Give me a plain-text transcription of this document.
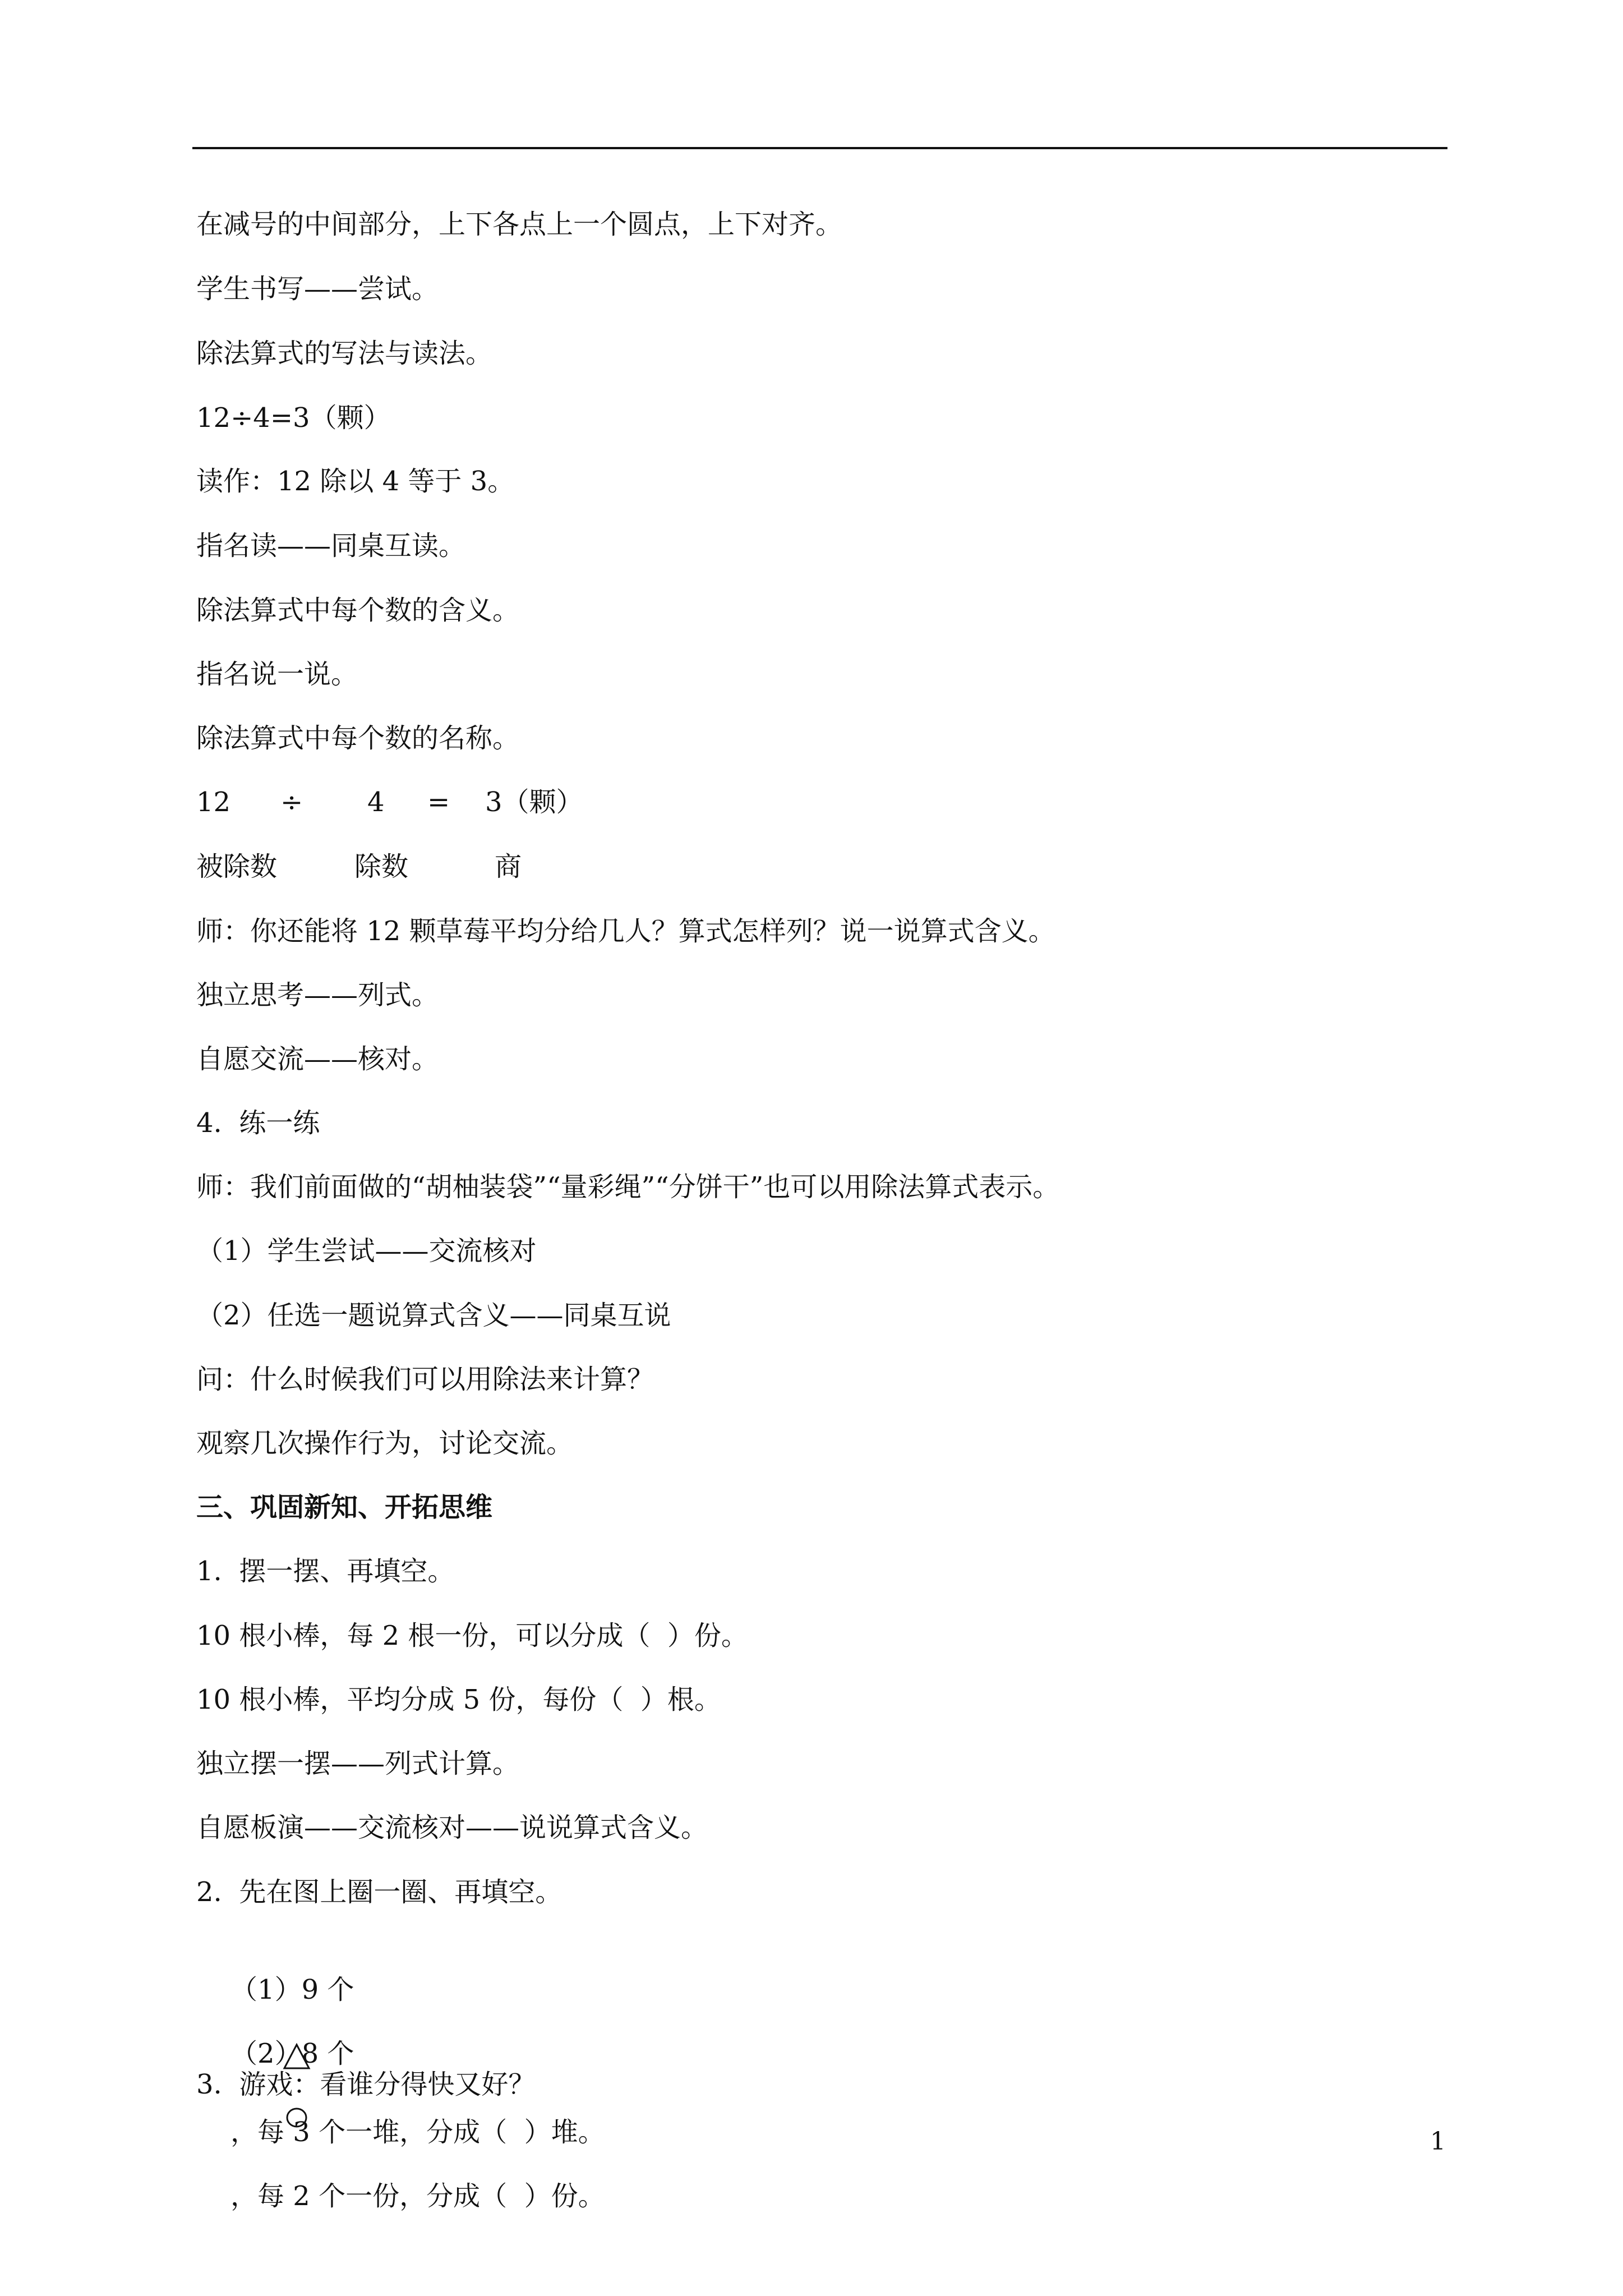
在减号的中间部分，上下各点上一个圆点，上下对齐。
学生书写——尝试。
除法算式的写法与读法。
12÷4=3（颗）
读作：12 除以 4 等于 3。
指名读——同桌互读。
除法算式中每个数的含义。
指名说一说。
除法算式中每个数的名称。

12

÷

4

=

3（颗）

被除数

	除数

	商

师：你还能将 12 颗草莓平均分给几人？算式怎样列？说一说算式含义。
独立思考——列式。
自愿交流——核对。
4.  练一练
师：我们前面做的“胡柚装袋”“量彩绳”“分饼干”也可以用除法算式表示。
（1）学生尝试——交流核对
（2）任选一题说算式含义——同桌互说
问：什么时候我们可以用除法来计算？
观察几次操作行为，讨论交流。
三、巩固新知、开拓思维
1.  摆一摆、再填空。
10 根小棒，每 2 根一份，可以分成（  ）份。
10 根小棒，平均分成 5 份，每份（  ）根。
独立摆一摆——列式计算。
自愿板演——交流核对——说说算式含义。
2.  先在图上圈一圈、再填空。

（1）9 个

，每 3 个一堆，分成（  ）堆。

（2）8 个

，每 2 个一份，分成（  ）份。

3.  游戏：看谁分得快又好？
1
